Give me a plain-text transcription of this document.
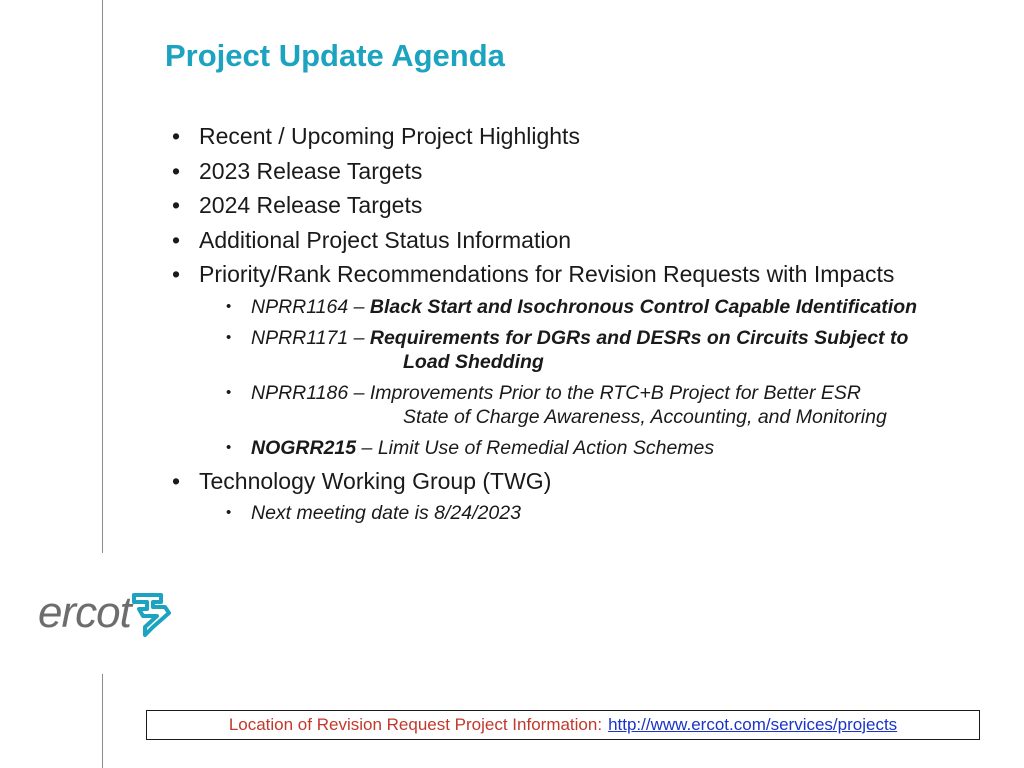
Project Update Agenda
• Recent / Upcoming Project Highlights
• 2023 Release Targets
• 2024 Release Targets
• Additional Project Status Information
• Priority/Rank Recommendations for Revision Requests with Impacts
• NPRR1164 – Black Start and Isochronous Control Capable Identification
• NPRR1171 – Requirements for DGRs and DESRs on Circuits Subject to
Load Shedding
• NPRR1186 – Improvements Prior to the RTC+B Project for Better ESR
State of Charge Awareness, Accounting, and Monitoring
• NOGRR215 – Limit Use of Remedial Action Schemes
• Technology Working Group (TWG)
• Next meeting date is 8/24/2023
ercot
Location of Revision Request Project Information: http://www.ercot.com/services/projects
